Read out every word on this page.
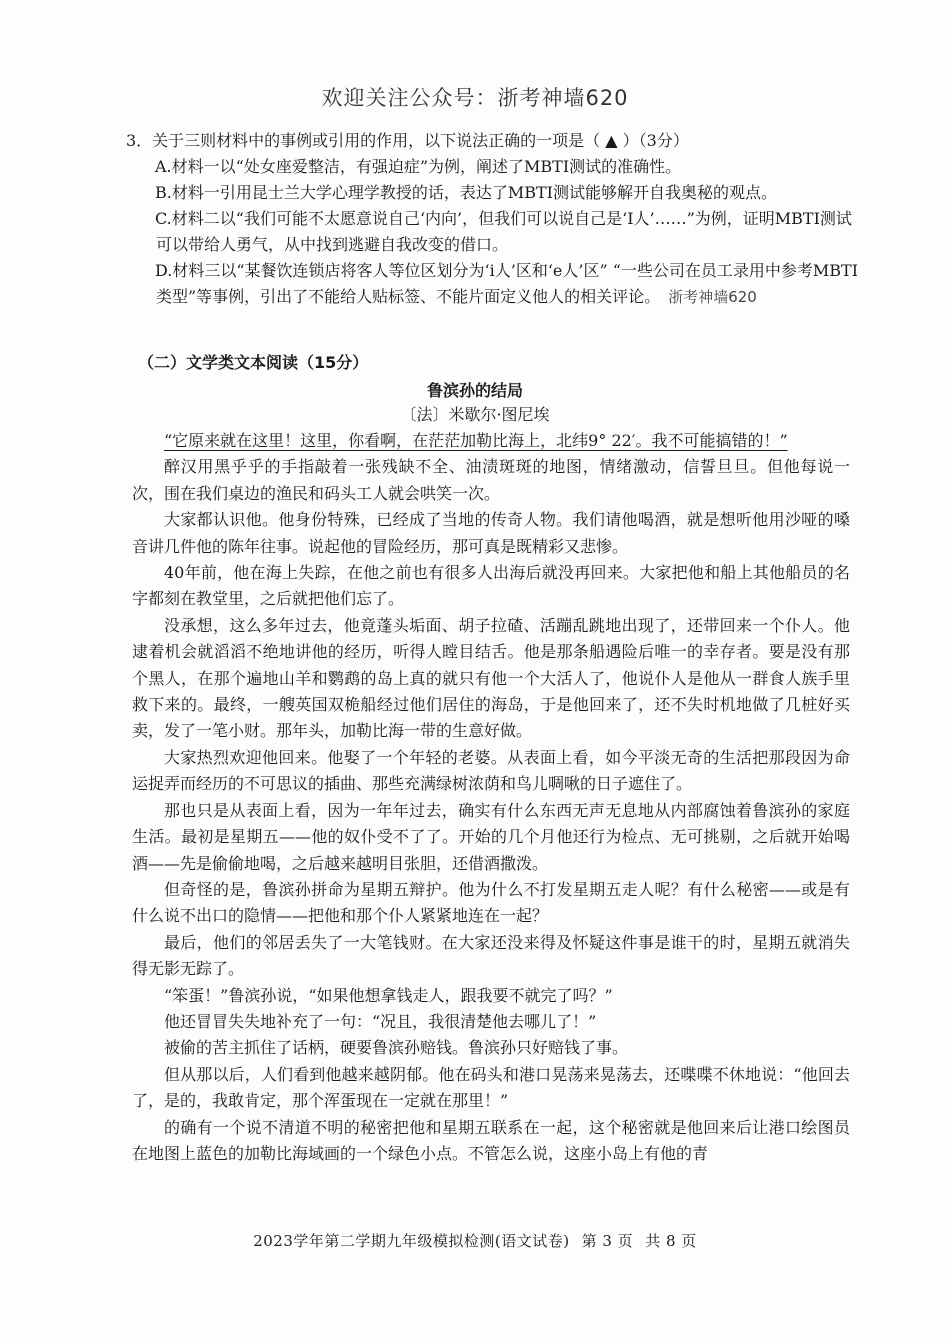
欢迎关注公众号：浙考神墙620

3．关于三则材料中的事例或引用的作用，以下说法正确的一项是（ ▲ ）（3分）

A.材料一以“处女座爱整洁，有强迫症”为例，阐述了MBTI测试的准确性。

B.材料一引用昆士兰大学心理学教授的话，表达了MBTI测试能够解开自我奥秘的观点。

C.材料二以“我们可能不太愿意说自己‘内向’，但我们可以说自己是‘I人’……”为例，证明MBTI测试可以带给人勇气，从中找到逃避自我改变的借口。

D.材料三以“某餐饮连锁店将客人等位区划分为‘i人’区和‘e人’区” “一些公司在员工录用中参考MBTI类型”等事例，引出了不能给人贴标签、不能片面定义他人的相关评论。 浙考神墙620

（二）文学类文本阅读（15分）
鲁滨孙的结局
〔法〕米歇尔·图尼埃

“它原来就在这里！这里，你看啊，在茫茫加勒比海上，北纬9° 22′。我不可能搞错的！”

醉汉用黑乎乎的手指敲着一张残缺不全、油渍斑斑的地图，情绪激动，信誓旦旦。但他每说一次，围在我们桌边的渔民和码头工人就会哄笑一次。

大家都认识他。他身份特殊，已经成了当地的传奇人物。我们请他喝酒，就是想听他用沙哑的嗓音讲几件他的陈年往事。说起他的冒险经历，那可真是既精彩又悲惨。

40年前，他在海上失踪，在他之前也有很多人出海后就没再回来。大家把他和船上其他船员的名字都刻在教堂里，之后就把他们忘了。

没承想，这么多年过去，他竟蓬头垢面、胡子拉碴、活蹦乱跳地出现了，还带回来一个仆人。他逮着机会就滔滔不绝地讲他的经历，听得人瞠目结舌。他是那条船遇险后唯一的幸存者。要是没有那个黑人，在那个遍地山羊和鹦鹉的岛上真的就只有他一个大活人了，他说仆人是他从一群食人族手里救下来的。最终，一艘英国双桅船经过他们居住的海岛，于是他回来了，还不失时机地做了几桩好买卖，发了一笔小财。那年头，加勒比海一带的生意好做。

大家热烈欢迎他回来。他娶了一个年轻的老婆。从表面上看，如今平淡无奇的生活把那段因为命运捉弄而经历的不可思议的插曲、那些充满绿树浓荫和鸟儿啁啾的日子遮住了。

那也只是从表面上看，因为一年年过去，确实有什么东西无声无息地从内部腐蚀着鲁滨孙的家庭生活。最初是星期五——他的奴仆受不了了。开始的几个月他还行为检点、无可挑剔，之后就开始喝酒——先是偷偷地喝，之后越来越明目张胆，还借酒撒泼。

但奇怪的是，鲁滨孙拼命为星期五辩护。他为什么不打发星期五走人呢？有什么秘密——或是有什么说不出口的隐情——把他和那个仆人紧紧地连在一起？

最后，他们的邻居丢失了一大笔钱财。在大家还没来得及怀疑这件事是谁干的时，星期五就消失得无影无踪了。

“笨蛋！”鲁滨孙说，“如果他想拿钱走人，跟我要不就完了吗？”

他还冒冒失失地补充了一句：“况且，我很清楚他去哪儿了！”

被偷的苦主抓住了话柄，硬要鲁滨孙赔钱。鲁滨孙只好赔钱了事。

但从那以后，人们看到他越来越阴郁。他在码头和港口晃荡来晃荡去，还喋喋不休地说：“他回去了，是的，我敢肯定，那个浑蛋现在一定就在那里！”

的确有一个说不清道不明的秘密把他和星期五联系在一起，这个秘密就是他回来后让港口绘图员在地图上蓝色的加勒比海域画的一个绿色小点。不管怎么说，这座小岛上有他的青

2023学年第二学期九年级模拟检测(语文试卷) 第 3 页 共 8 页
